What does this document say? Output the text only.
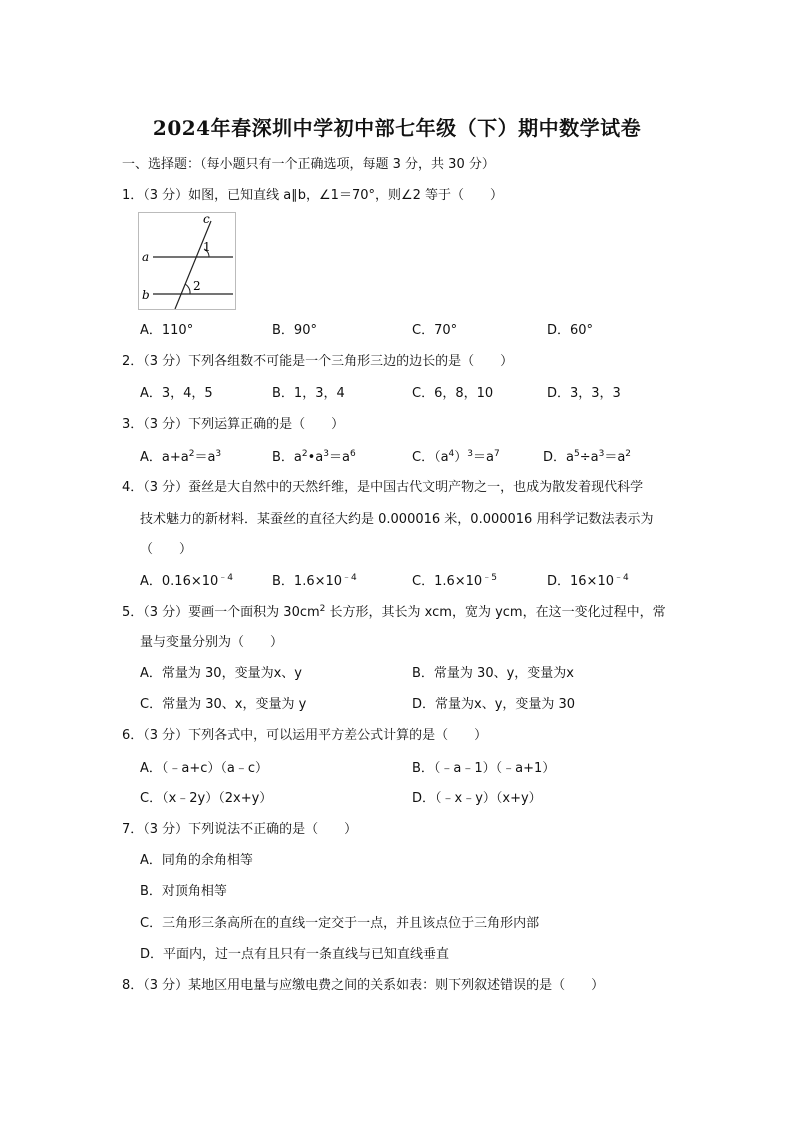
2024年春深圳中学初中部七年级（下）期中数学试卷
一、选择题：（每小题只有一个正确选项，每题 3 分，共 30 分）
1．（3 分）如图，已知直线 a∥b，∠1＝70°，则∠2 等于（　　）
c
a
b
1
2
A．110°	B．90°	C．70°	D．60°
2．（3 分）下列各组数不可能是一个三角形三边的边长的是（　　）
A．3，4，5	B．1，3，4	C．6，8，10	D．3，3，3
3．（3 分）下列运算正确的是（　　）
A．$a+a^2=a^3$	B．$a^2•a^3=a^6$	C．$(a^4)^3=a^7$	D．$a^5\div a^3=a^2$
4．（3 分）蚕丝是大自然中的天然纤维，是中国古代文明产物之一，也成为散发着现代科学
技术魅力的新材料．某蚕丝的直径大约是 0.000016 米，0.000016 用科学记数法表示为
（　　）
A．$0.16\times 10^{﹣4}$	B．$1.6\times 10^{﹣4}$	C．$1.6\times 10^{﹣5}$	D．$16\times 10^{﹣4}$
5．（3 分）要画一个面积为 $30cm^2$ 长方形，其长为 xcm，宽为 ycm，在这一变化过程中，常
量与变量分别为（　　）
A．常量为 30，变量为x、y	B．常量为 30、y，变量为x
C．常量为 30、x，变量为 y	D．常量为x、y，变量为 30
6．（3 分）下列各式中，可以运用平方差公式计算的是（　　）
A．（﹣a+c）（a﹣c）	B．（﹣a﹣1）（﹣a+1）
C．（x﹣2y）（2x+y）	D．（﹣x﹣y）（x+y）
7．（3 分）下列说法不正确的是（　　）
A．同角的余角相等
B．对顶角相等
C．三角形三条高所在的直线一定交于一点，并且该点位于三角形内部
D．平面内，过一点有且只有一条直线与已知直线垂直
8．（3 分）某地区用电量与应缴电费之间的关系如表：则下列叙述错误的是（　　）
